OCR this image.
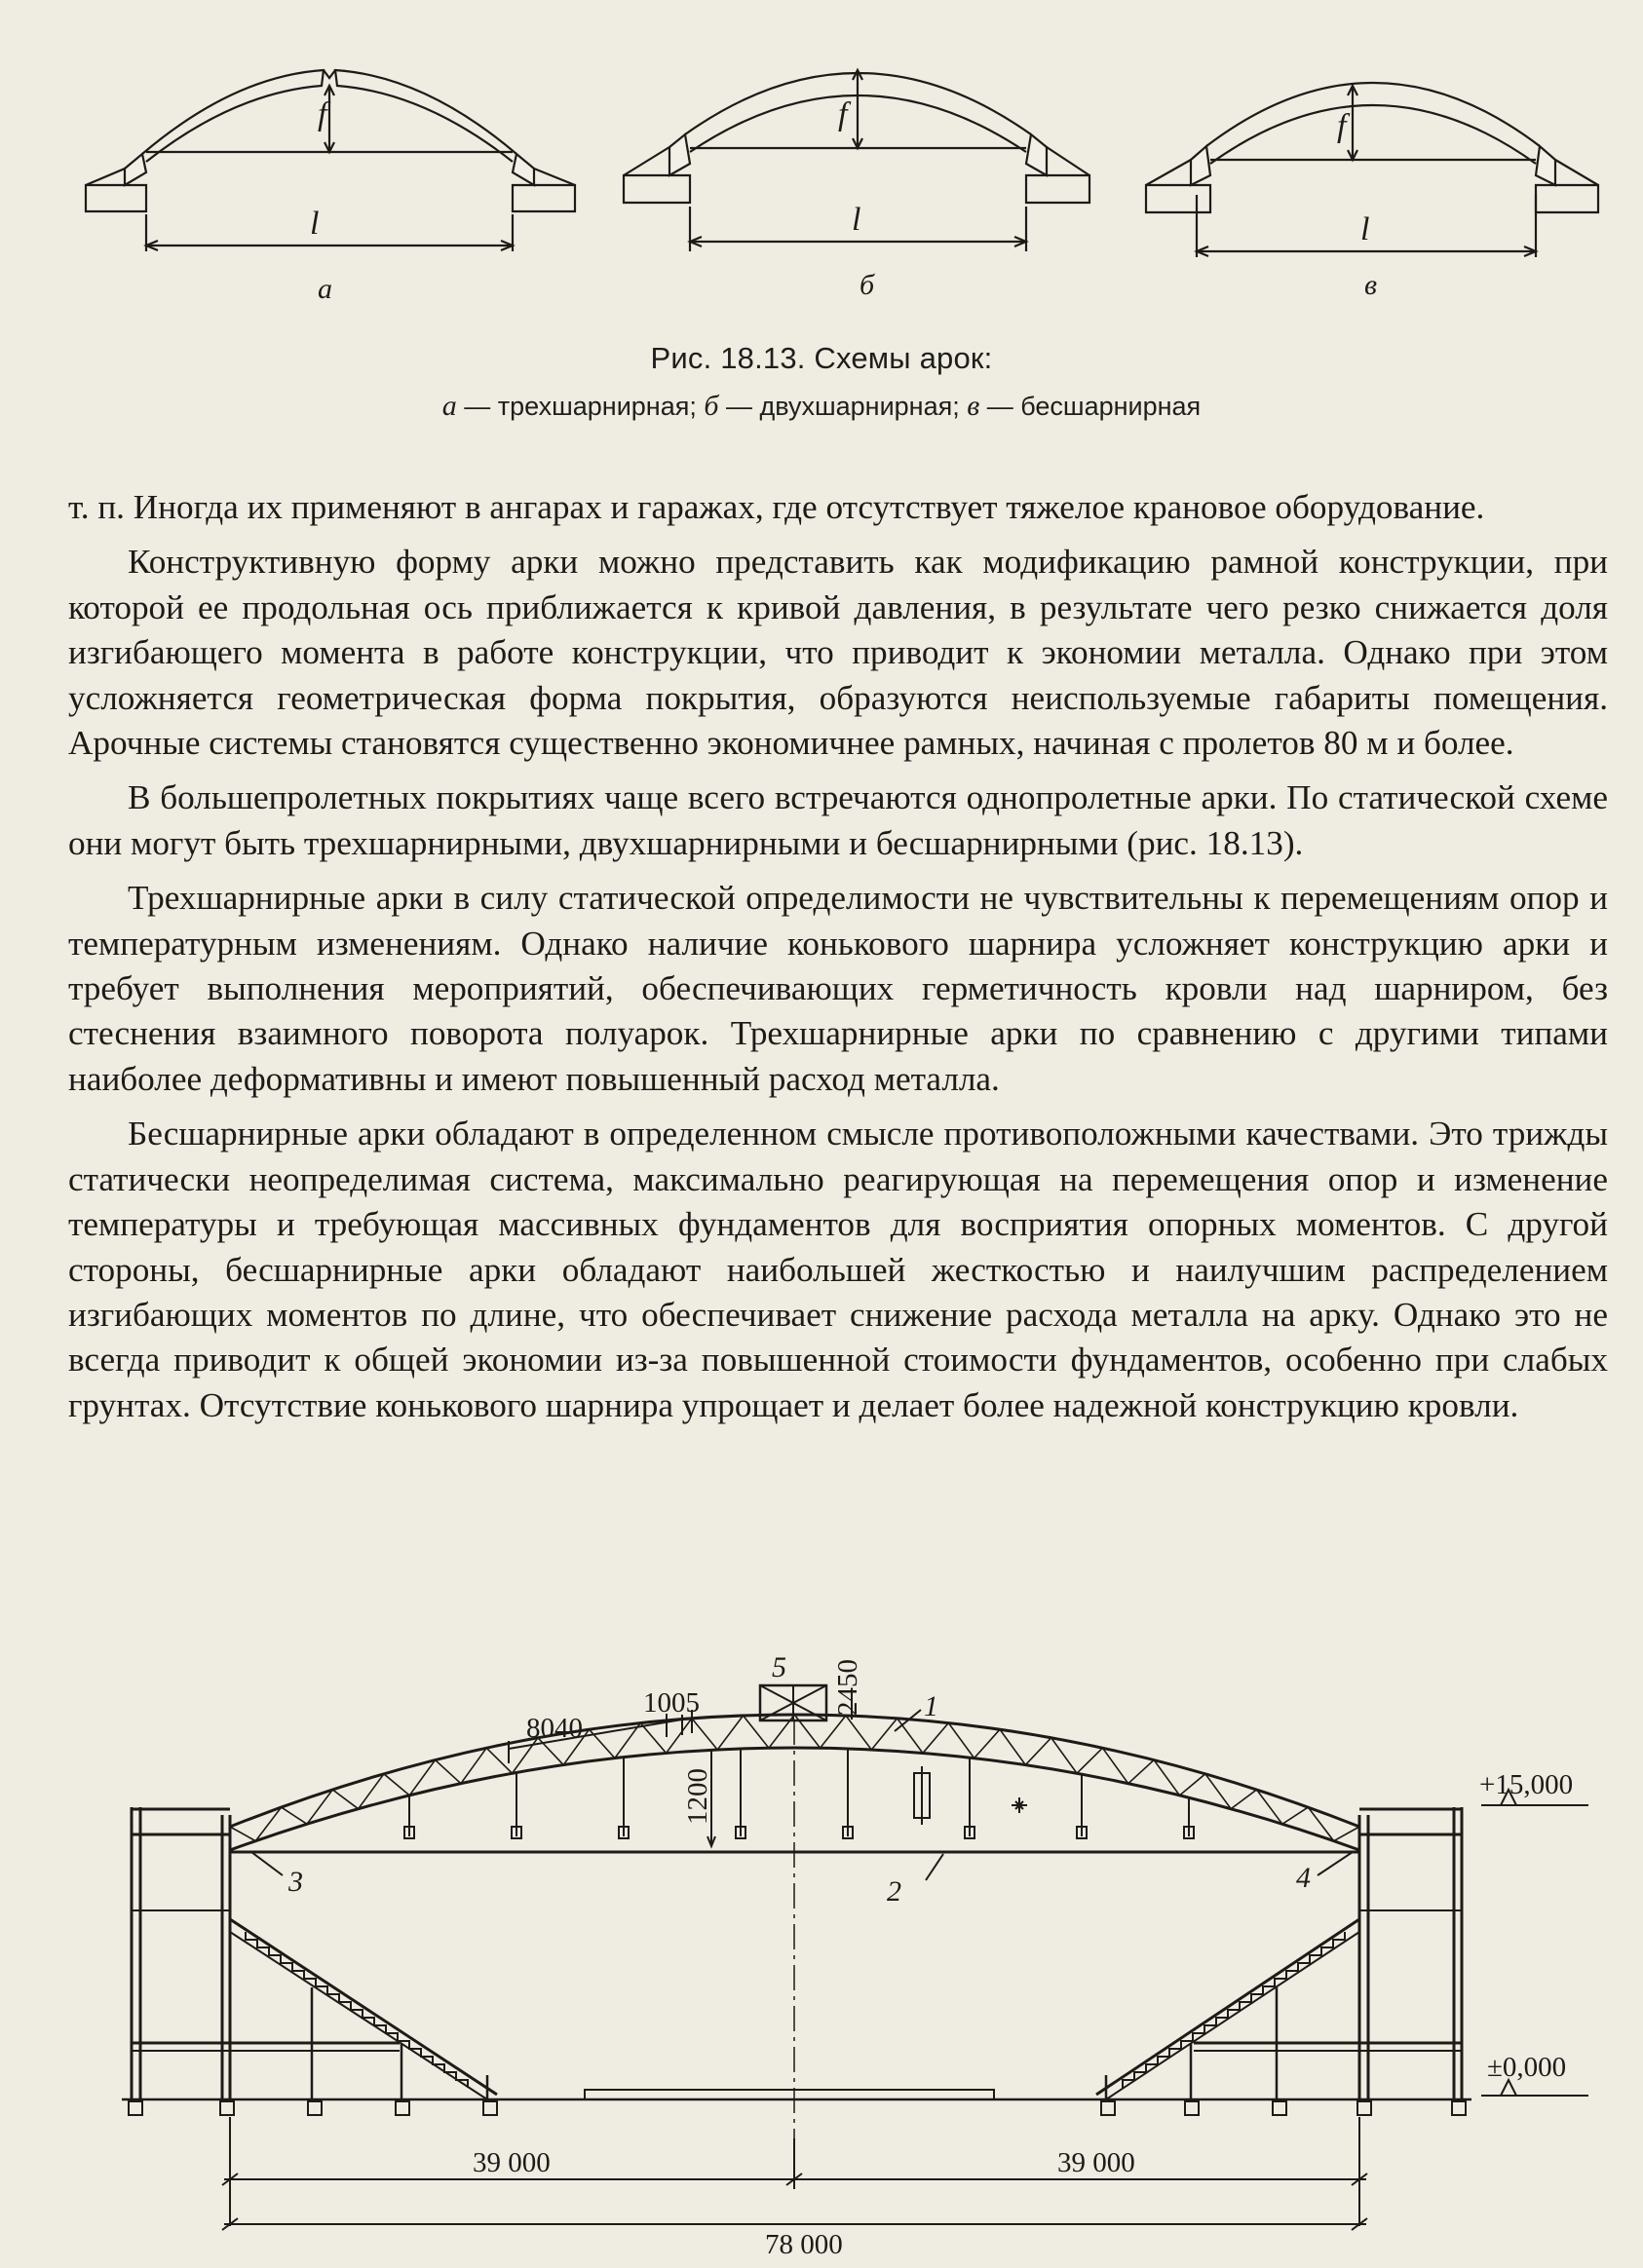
f
l
f
l
f
l
а	б	в
Рис. 18.13. Схемы арок:
а — трехшарнирная; б — двухшарнирная; в — бесшарнирная

т. п. Иногда их применяют в ангарах и гаражах, где отсутствует тяжелое крановое оборудование.

Конструктивную форму арки можно представить как модификацию рамной конструкции, при которой ее продольная ось приближается к кривой давления, в результате чего резко снижается доля изгибающего момента в работе конструкции, что приводит к экономии металла. Однако при этом усложняется геометрическая форма покрытия, образуются неиспользуемые габариты помещения. Арочные системы становятся существенно экономичнее рамных, начиная с пролетов 80 м и более.

В большепролетных покрытиях чаще всего встречаются однопролетные арки. По статической схеме они могут быть трехшарнирными, двухшарнирными и бесшарнирными (рис. 18.13).

Трехшарнирные арки в силу статической определимости не чувствительны к перемещениям опор и температурным изменениям. Однако наличие конькового шарнира усложняет конструкцию арки и требует выполнения мероприятий, обеспечивающих герметичность кровли над шарниром, без стеснения взаимного поворота полуарок. Трехшарнирные арки по сравнению с другими типами наиболее деформативны и имеют повышенный расход металла.

Бесшарнирные арки обладают в определенном смысле противоположными качествами. Это трижды статически неопределимая система, максимально реагирующая на перемещения опор и изменение температуры и требующая массивных фундаментов для восприятия опорных моментов. С другой стороны, бесшарнирные арки обладают наибольшей жесткостью и наилучшим распределением изгибающих моментов по длине, что обеспечивает снижение расхода металла на арку. Однако это не всегда приводит к общей экономии из-за повышенной стоимости фундаментов, особенно при слабых грунтах. Отсутствие конькового шарнира упрощает и делает более надежной конструкцию кровли.

8040
1005	2450
1200	+15,000
±0,000
39 000	39 000
78 000
1
2
3	4
5
